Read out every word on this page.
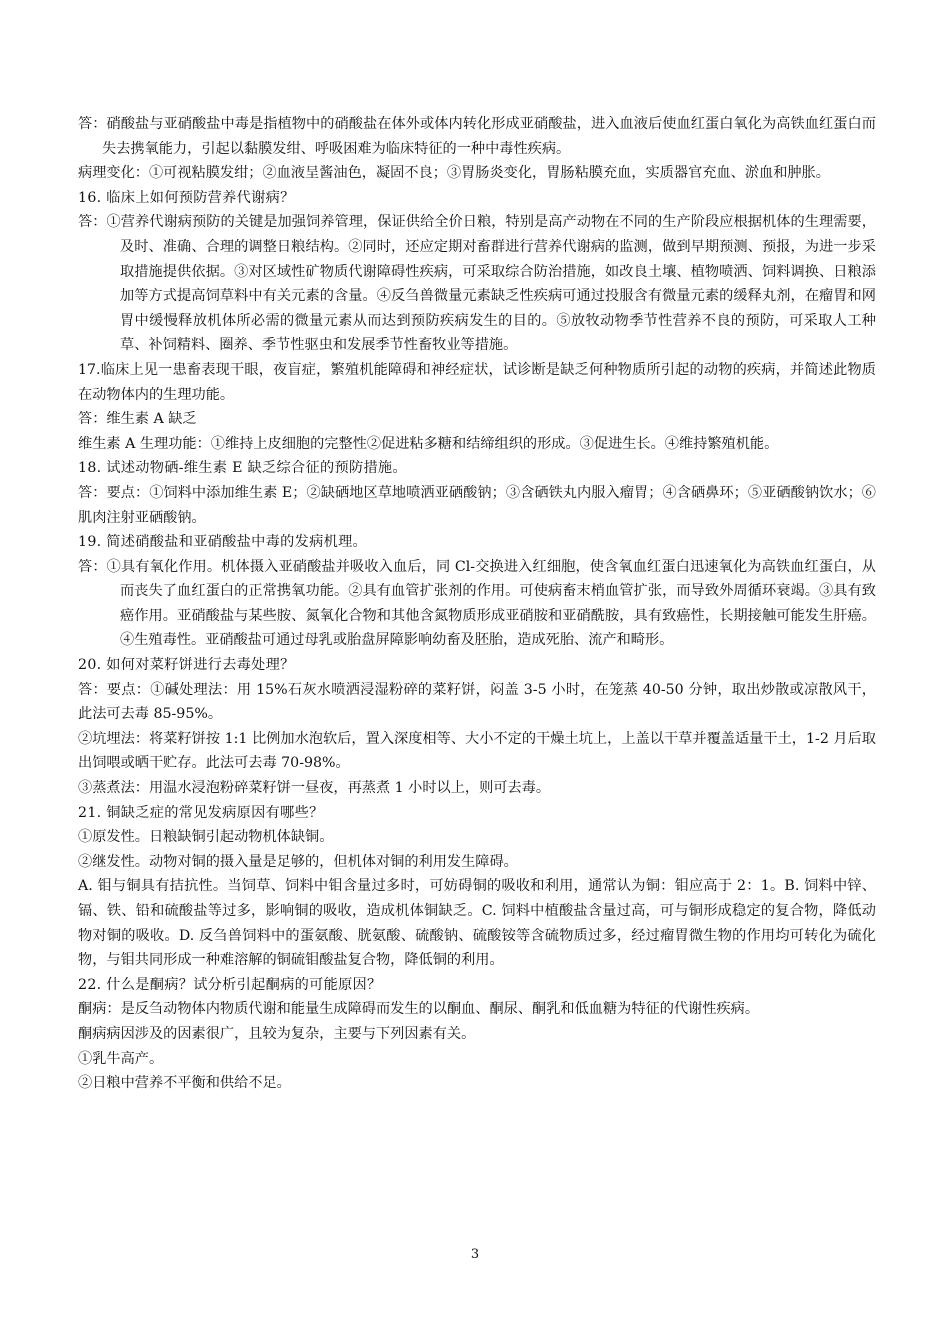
答：硝酸盐与亚硝酸盐中毒是指植物中的硝酸盐在体外或体内转化形成亚硝酸盐，进入血液后使血红蛋白氧化为高铁血红蛋白而失去携氧能力，引起以黏膜发绀、呼吸困难为临床特征的一种中毒性疾病。

病理变化：①可视粘膜发绀；②血液呈酱油色，凝固不良；③胃肠炎变化，胃肠粘膜充血，实质器官充血、淤血和肿胀。

16. 临床上如何预防营养代谢病？

答：①营养代谢病预防的关键是加强饲养管理，保证供给全价日粮，特别是高产动物在不同的生产阶段应根据机体的生理需要，及时、准确、合理的调整日粮结构。②同时，还应定期对畜群进行营养代谢病的监测，做到早期预测、预报，为进一步采取措施提供依据。③对区域性矿物质代谢障碍性疾病，可采取综合防治措施，如改良土壤、植物喷洒、饲料调换、日粮添加等方式提高饲草料中有关元素的含量。④反刍兽微量元素缺乏性疾病可通过投服含有微量元素的缓释丸剂，在瘤胃和网胃中缓慢释放机体所必需的微量元素从而达到预防疾病发生的目的。⑤放牧动物季节性营养不良的预防，可采取人工种草、补饲精料、圈养、季节性驱虫和发展季节性畜牧业等措施。

17.临床上见一患畜表现干眼，夜盲症，繁殖机能障碍和神经症状，试诊断是缺乏何种物质所引起的动物的疾病，并简述此物质在动物体内的生理功能。

答：维生素 A 缺乏

维生素 A 生理功能：①维持上皮细胞的完整性②促进粘多糖和结缔组织的形成。③促进生长。④维持繁殖机能。

18. 试述动物硒-维生素 E 缺乏综合征的预防措施。

答：要点：①饲料中添加维生素 E；②缺硒地区草地喷洒亚硒酸钠；③含硒铁丸内服入瘤胃；④含硒鼻环；⑤亚硒酸钠饮水；⑥肌肉注射亚硒酸钠。

19. 简述硝酸盐和亚硝酸盐中毒的发病机理。

答：①具有氧化作用。机体摄入亚硝酸盐并吸收入血后，同 Cl-交换进入红细胞，使含氧血红蛋白迅速氧化为高铁血红蛋白，从而丧失了血红蛋白的正常携氧功能。②具有血管扩张剂的作用。可使病畜末梢血管扩张，而导致外周循环衰竭。③具有致癌作用。亚硝酸盐与某些胺、氮氧化合物和其他含氮物质形成亚硝胺和亚硝酰胺，具有致癌性，长期接触可能发生肝癌。④生殖毒性。亚硝酸盐可通过母乳或胎盘屏障影响幼畜及胚胎，造成死胎、流产和畸形。

20. 如何对菜籽饼进行去毒处理？

答：要点：①碱处理法：用 15%石灰水喷洒浸湿粉碎的菜籽饼，闷盖 3-5 小时，在笼蒸 40-50 分钟，取出炒散或凉散风干，此法可去毒 85-95%。

②坑埋法：将菜籽饼按 1:1 比例加水泡软后，置入深度相等、大小不定的干燥土坑上，上盖以干草并覆盖适量干土，1-2 月后取出饲喂或晒干贮存。此法可去毒 70-98%。

③蒸煮法：用温水浸泡粉碎菜籽饼一昼夜，再蒸煮 1 小时以上，则可去毒。

21. 铜缺乏症的常见发病原因有哪些？

①原发性。日粮缺铜引起动物机体缺铜。

②继发性。动物对铜的摄入量是足够的，但机体对铜的利用发生障碍。

A. 钼与铜具有拮抗性。当饲草、饲料中钼含量过多时，可妨碍铜的吸收和利用，通常认为铜：钼应高于 2：1。B. 饲料中锌、镉、铁、铅和硫酸盐等过多，影响铜的吸收，造成机体铜缺乏。C. 饲料中植酸盐含量过高，可与铜形成稳定的复合物，降低动物对铜的吸收。D. 反刍兽饲料中的蛋氨酸、胱氨酸、硫酸钠、硫酸铵等含硫物质过多，经过瘤胃微生物的作用均可转化为硫化物，与钼共同形成一种难溶解的铜硫钼酸盐复合物，降低铜的利用。

22. 什么是酮病？试分析引起酮病的可能原因？

酮病：是反刍动物体内物质代谢和能量生成障碍而发生的以酮血、酮尿、酮乳和低血糖为特征的代谢性疾病。

酮病病因涉及的因素很广，且较为复杂，主要与下列因素有关。

①乳牛高产。

②日粮中营养不平衡和供给不足。

3
